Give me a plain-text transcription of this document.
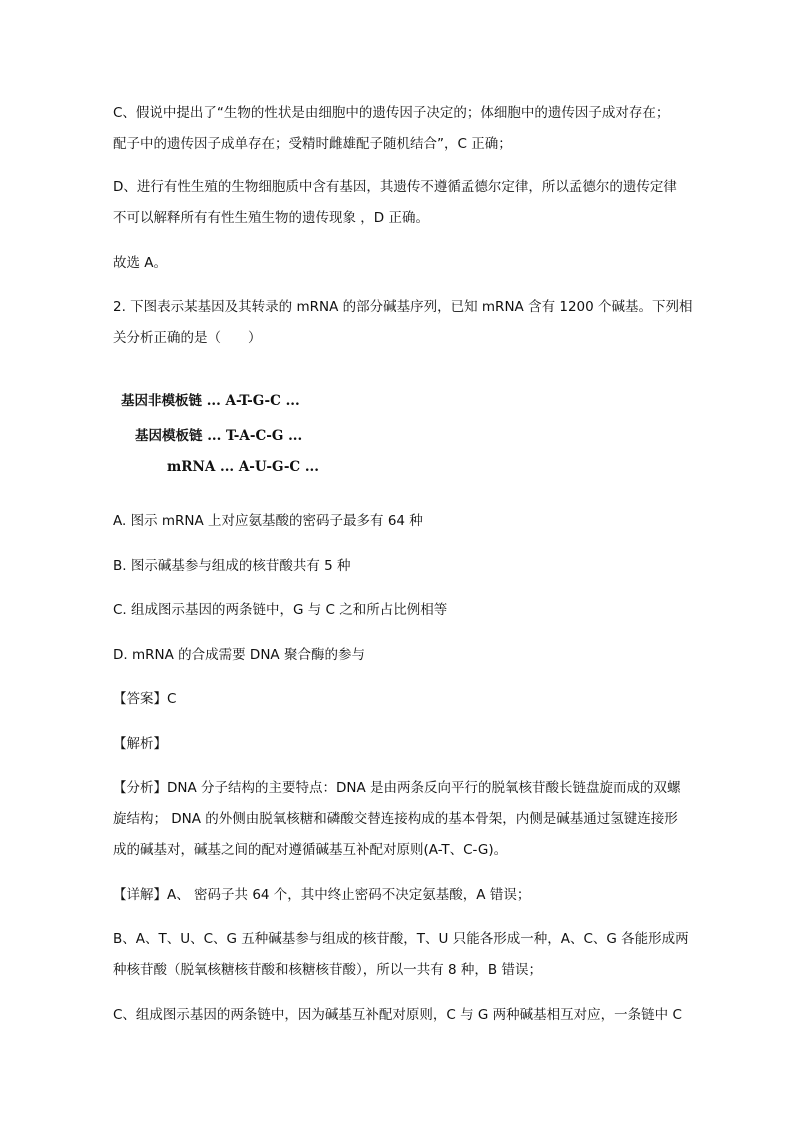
C、假说中提出了“生物的性状是由细胞中的遗传因子决定的；体细胞中的遗传因子成对存在；
配子中的遗传因子成单存在；受精时雌雄配子随机结合”，C 正确；
D、进行有性生殖的生物细胞质中含有基因，其遗传不遵循孟德尔定律，所以孟德尔的遗传定律
不可以解释所有有性生殖生物的遗传现象 ，D 正确。
故选 A。
2. 下图表示某基因及其转录的 mRNA 的部分碱基序列，已知 mRNA 含有 1200 个碱基。下列相
关分析正确的是（　　）
基因非模板链 ... A-T-G-C ...
基因模板链 ... T-A-C-G ...
mRNA ... A-U-G-C ...
A. 图示 mRNA 上对应氨基酸的密码子最多有 64 种
B. 图示碱基参与组成的核苷酸共有 5 种
C. 组成图示基因的两条链中，G 与 C 之和所占比例相等
D. mRNA 的合成需要 DNA 聚合酶的参与
【答案】C
【解析】
【分析】DNA 分子结构的主要特点：DNA 是由两条反向平行的脱氧核苷酸长链盘旋而成的双螺
旋结构； DNA 的外侧由脱氧核糖和磷酸交替连接构成的基本骨架，内侧是碱基通过氢键连接形
成的碱基对，碱基之间的配对遵循碱基互补配对原则(A-T、C-G)。
【详解】A、 密码子共 64 个，其中终止密码不决定氨基酸，A 错误；
B、A、T、U、C、G 五种碱基参与组成的核苷酸，T、U 只能各形成一种，A、C、G 各能形成两
种核苷酸（脱氧核糖核苷酸和核糖核苷酸），所以一共有 8 种，B 错误；
C、组成图示基因的两条链中，因为碱基互补配对原则，C 与 G 两种碱基相互对应，一条链中 C
